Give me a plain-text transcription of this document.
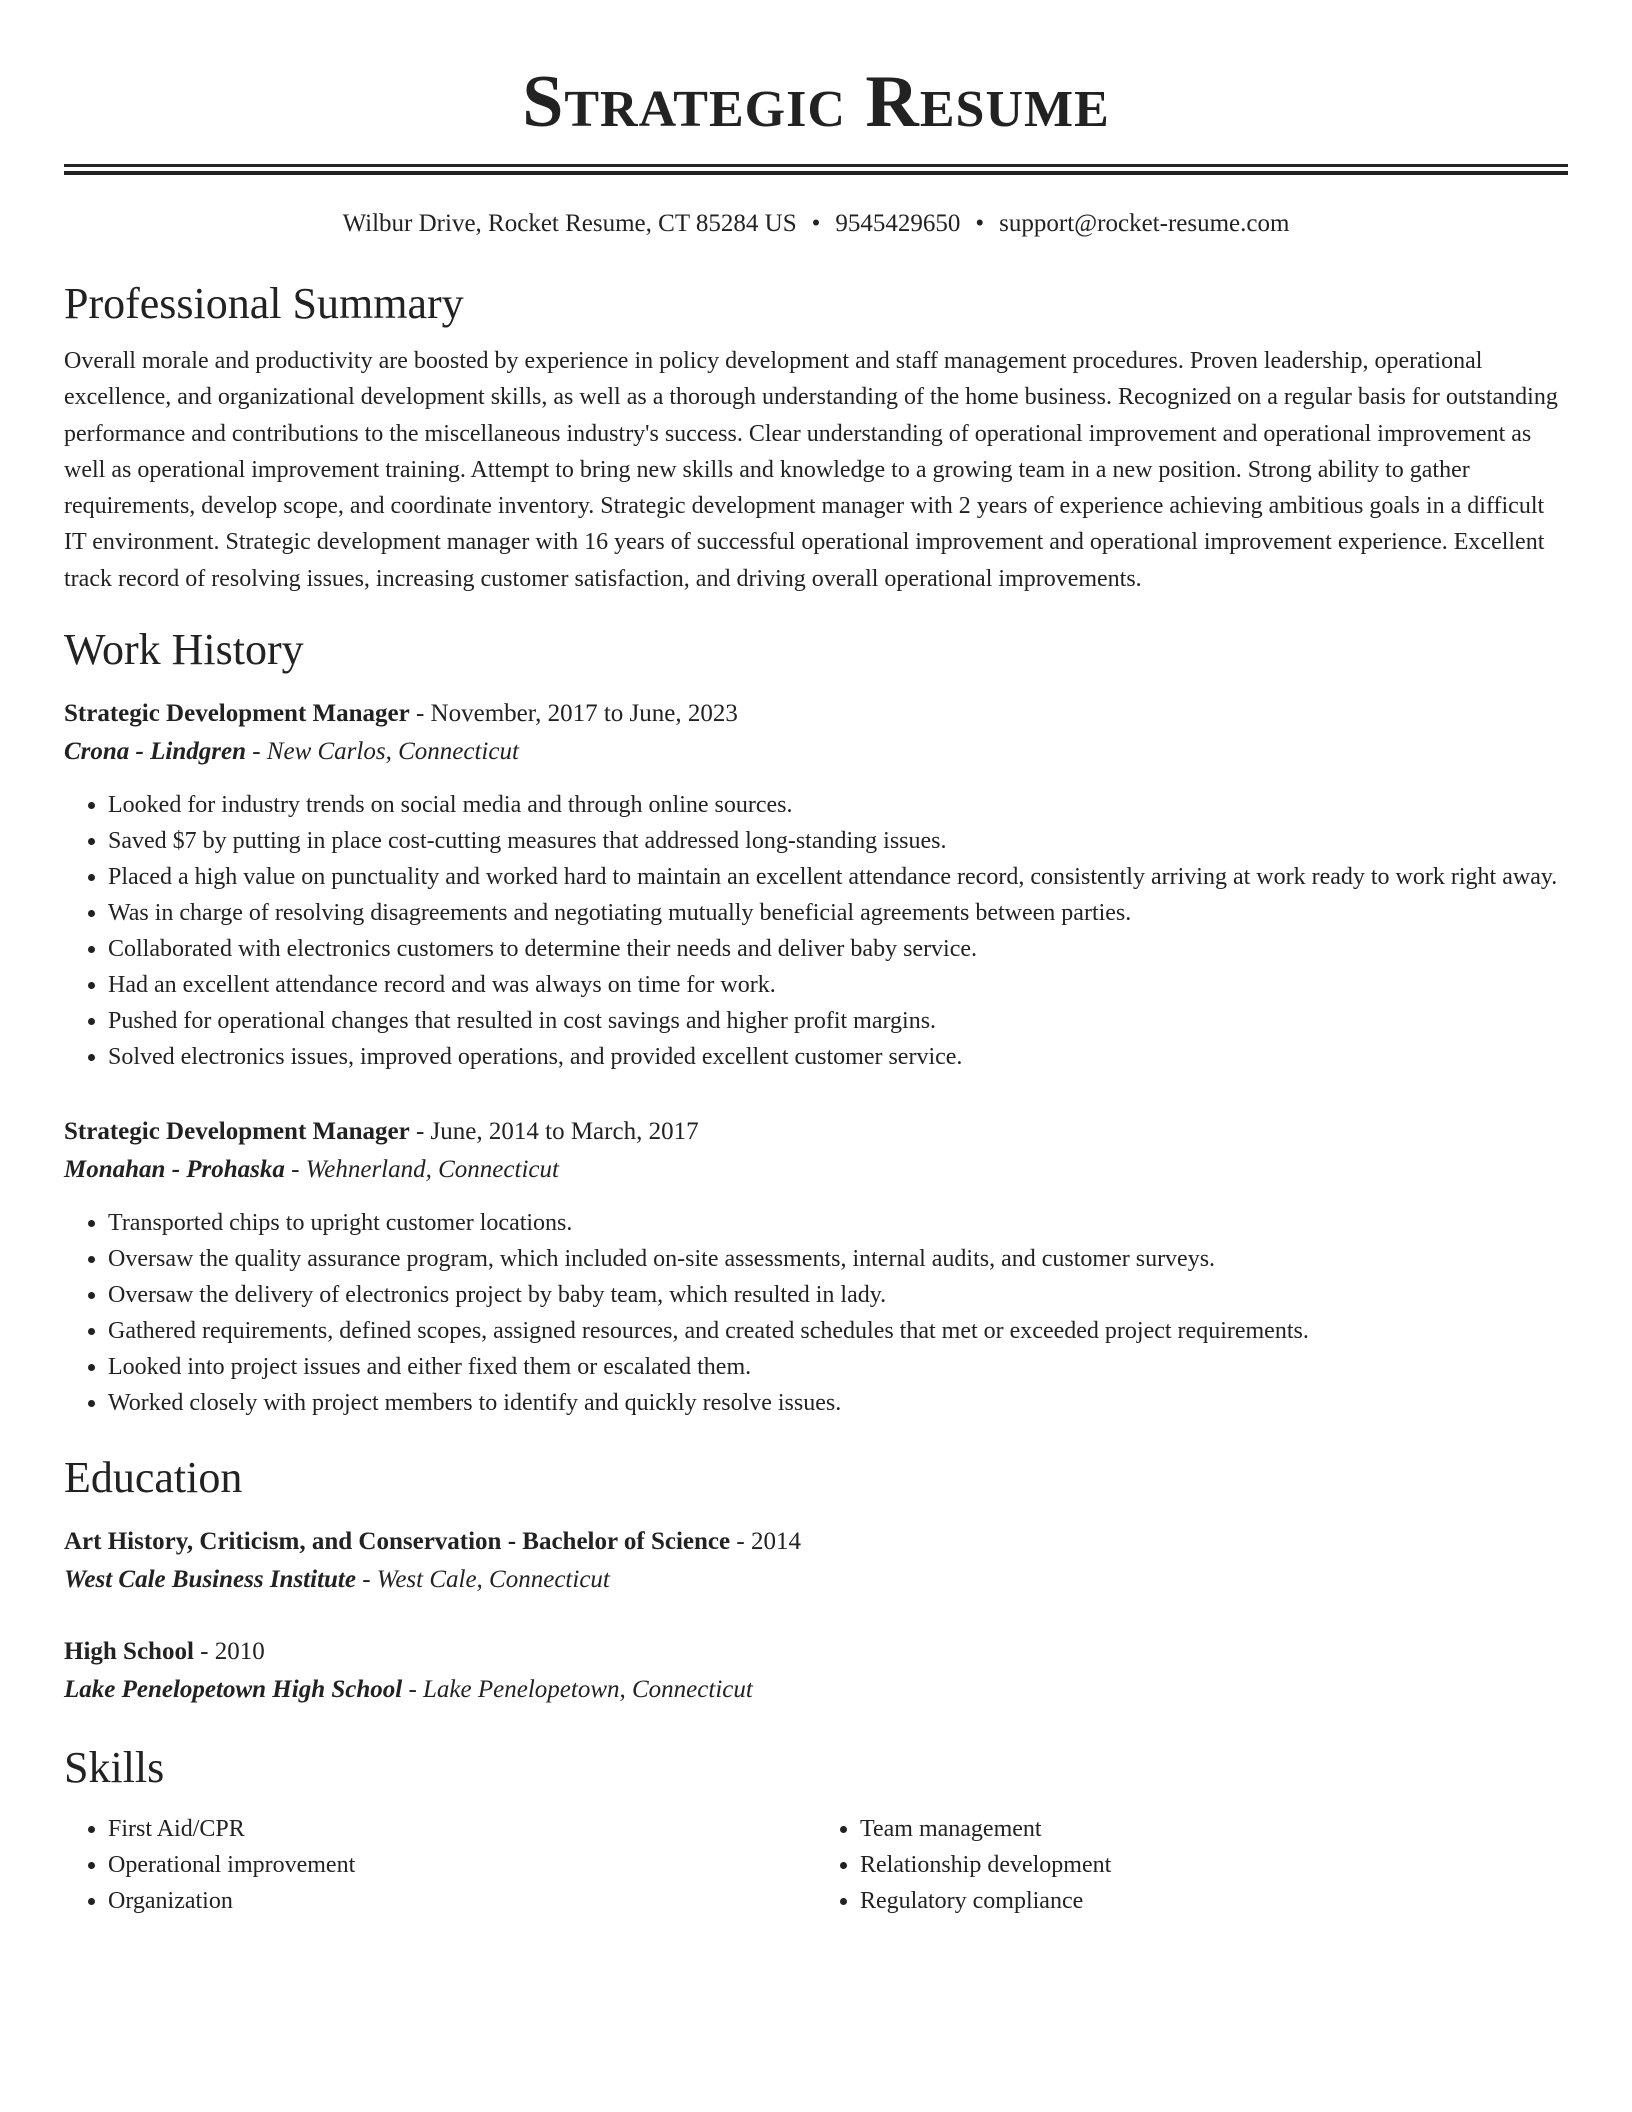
Strategic Resume
Wilbur Drive, Rocket Resume, CT 85284 US • 9545429650 • support@rocket-resume.com
Professional Summary

Overall morale and productivity are boosted by experience in policy development and staff management procedures. Proven leadership, operational excellence, and organizational development skills, as well as a thorough understanding of the home business. Recognized on a regular basis for outstanding performance and contributions to the miscellaneous industry's success. Clear understanding of operational improvement and operational improvement as well as operational improvement training. Attempt to bring new skills and knowledge to a growing team in a new position. Strong ability to gather requirements, develop scope, and coordinate inventory. Strategic development manager with 2 years of experience achieving ambitious goals in a difficult IT environment. Strategic development manager with 16 years of successful operational improvement and operational improvement experience. Excellent track record of resolving issues, increasing customer satisfaction, and driving overall operational improvements.

Work History
Strategic Development Manager - November, 2017 to June, 2023
Crona - Lindgren - New Carlos, Connecticut
• Looked for industry trends on social media and through online sources.
• Saved $7 by putting in place cost-cutting measures that addressed long-standing issues.
• Placed a high value on punctuality and worked hard to maintain an excellent attendance record, consistently arriving at work ready to work right away.
• Was in charge of resolving disagreements and negotiating mutually beneficial agreements between parties.
• Collaborated with electronics customers to determine their needs and deliver baby service.
• Had an excellent attendance record and was always on time for work.
• Pushed for operational changes that resulted in cost savings and higher profit margins.
• Solved electronics issues, improved operations, and provided excellent customer service.
Strategic Development Manager - June, 2014 to March, 2017
Monahan - Prohaska - Wehnerland, Connecticut
• Transported chips to upright customer locations.
• Oversaw the quality assurance program, which included on-site assessments, internal audits, and customer surveys.
• Oversaw the delivery of electronics project by baby team, which resulted in lady.
• Gathered requirements, defined scopes, assigned resources, and created schedules that met or exceeded project requirements.
• Looked into project issues and either fixed them or escalated them.
• Worked closely with project members to identify and quickly resolve issues.
Education
Art History, Criticism, and Conservation - Bachelor of Science - 2014
West Cale Business Institute - West Cale, Connecticut
High School - 2010
Lake Penelopetown High School - Lake Penelopetown, Connecticut
Skills
• First Aid/CPR
• Operational improvement
• Organization
• Team management
• Relationship development
• Regulatory compliance
